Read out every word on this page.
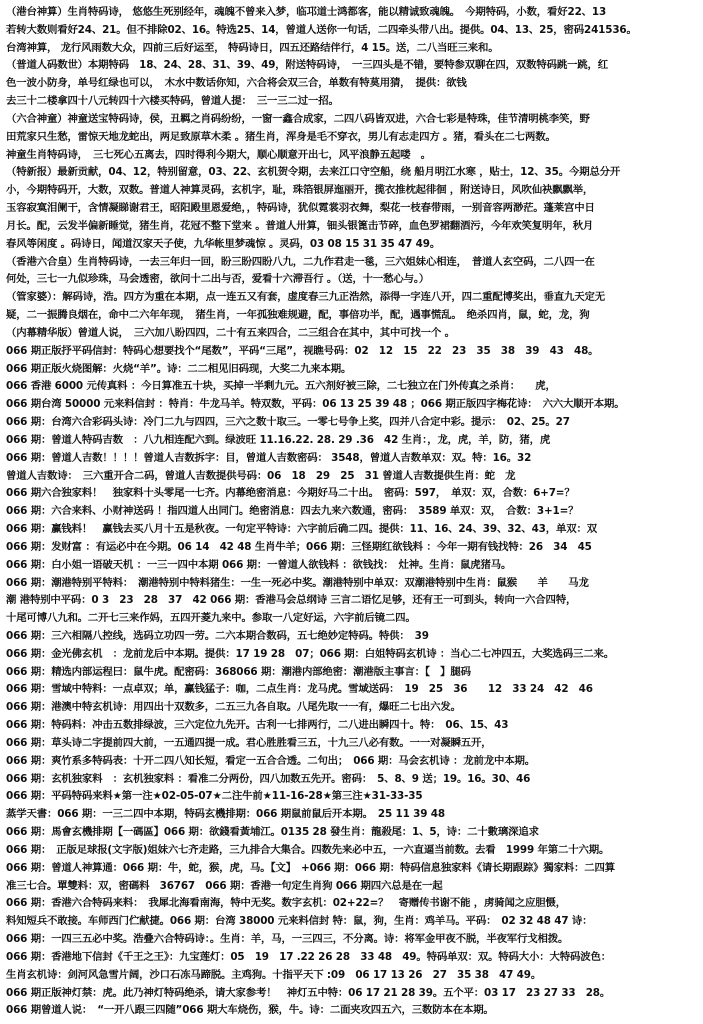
（港台神算）生肖特码诗， 悠悠生死别经年，魂魄不曾来入梦，临邛道士鸿都客，能以精诚致魂魄。　今期特码，小数，看好22、13
若转大数则看好24、21。但不排除02、16。特选25、14，曾道人送你一句话，二四牵头带八出。提供。04、13、25，密码241536。
台湾神算， 龙行风雨数大众，四前三后好运至， 特码诗日，四五还路结伴行，4 15。送，二八当旺三来和。
（普道人码数世）本期特码　18、24、28、31、39、49，附送特码诗，　一三四头是不错，要特参双聊在四，双数特码跳一跳，红
色一波小防身，单号红绿也可以，　木水中数话你知，六合将会双三合，单数有特莫用猜，　提供：欲钱
去三十二楼拿四十八元转四十六楼买特码，曾道人提：　三一三二过一招。
（六合神童）神童送宝特码诗，侯，丑羁之肖码纷纷，一窗一鑫合成家，二四八码皆双进，六合七彩是特珠，佳节清明桃李笑，野
田荒家只生愁，雷惊天地龙蛇出，两足致原草木柔 。猪生肖，浑身是毛不穿衣，男儿有志走四方 。猪，看头在二七两数。
神童生肖特码诗，　三七死心五离去，四时得利今期大，顺心顺意开出七，风平浪静五起喽　。
（特新报）最新贡献，04、12，特别留意，03、22、玄机贺令期，去来江口守空船，绕 船月明江水寒 ，贴士，12、35。今期总分开
小，今期特码开，大数，双数。普道人神算灵码，玄机字，耻，珠箔银屏迤丽开，揽衣推枕起徘徊 ，附送诗日，风吹仙袂飘飘举，
玉容寂寞泪阑干，含情凝睇谢君王，昭阳殿里恩爱绝，，特码诗，犹似霓裳羽衣舞，梨花一枝春带雨，一别音容两渺茫。蓬莱宫中日
月长。配，云发半偏新睡觉，猪生肖，花冠不整下堂来 。普道人卅算，钿头银篦击节碎，血色罗裙翻酒污，今年欢笑复明年，秋月
春风等闲度 。码诗日，闻道汉家天子使，九华帐里梦魂惊 。灵码，03 08 15 31 35 47 49。
（香港六合皇）生肖特码诗，一去三年归一回，盼三盼四盼八九，二九作君走一毯，三六姐妹心相连，　普道人玄空码，二八四一在
何处，三七一九似珍珠，马会透密，欲问十二出与否，爱看十六滞吾行 。（送，十一愁心与。）
（管家婆）：解码诗，浩。四方为重在本期，点一连五又有套，虚度春三九正浩然，添得一字连八开，四二重配博奖出，垂直九天定无
疑，二一振腾良烟在，命中二六年年现，　猪生肖，一年孤独难规避，配，事倍功半，配，遇事慌乱。　绝杀四肖，鼠，蛇，龙，狗
（内幕精华版）曾道人说，　三六加八盼四四，二十有五来四合，二三组合在其中，其中可找一个 。
066 期正版抒平码信封：特码心想要找个“尾数”，平码“三尾”，视瞧号码：02　12　15　22　23　35　38　39　43　48。
066 期正版火烧图解：火烧“羊”。诗：二二相见旧码现，大奖二九来本期。
066 香港 6000 元传真料 ：今日算准五十块，买掉一半剩九元。五六剂好被三除，二七独立在门外传真之杀肖：　　虎，
066 期台湾 50000 元来料信封 ：特肖：牛龙马羊。特双数，平码：06 13 25 39 48 ；066 期正版四字梅花诗：　六六大顺开本期。
066 期：台湾六合彩码头诗：冷门二九与四四，三六之数十取三。一零七号争上奖，四并八合定中彩。提示：　02、25。27
066 期：曾道人特码吉数　：八九相连配六到。绿波旺 11.16.22. 28. 29 .36　42 生肖：，龙，虎，羊，防，猪，虎
066 期：曾道人吉数！！！！曾道人吉数拆字：目，曾道人吉数密码： 3548，曾道人吉数单双：双。特：16。32
曾道人吉数诗：　三六重开合二码，曾道人吉数提供号码：06　18　29　25　31 曾道人吉数提供生肖：蛇　龙
066 期六合独家料！　独家料十头零尾一七齐。内幕绝密消息：今期好马二十出。　密码：597，　单双：双，合数：6+7=？
066 期：六合来料、小财神送码 ！指四道人出同门。绝密消息：四去九来六数通，密码：　3589 单双：双，　合数：3+1=？
066 期：赢钱料！　赢钱去买八月十五是秋夜。一句定平特诗：六字前后确二四。提供：11、16、24、39、32、43，单双：双
066 期：发财富 ：有运必中在今期。06 14　42 48 生肖牛羊；066 期：三怪期红欲钱料 ：今年一期有钱找特：26　34　45
066 期：白小姐一语破天机 ：一三一四中本期 066 期：一曾道人欲钱料 ：欲钱找：　灶神。生肖：鼠虎猪马。
066 期：潮港特别平特料：　潮港特别中特料猪生：一生一死必中奖。潮港特别中单双：双潮港特别中生肖：鼠猴　　羊　　马龙
潮 港特别中平码：0 3　23　28　37　42 066 期：香港马会总纲诗 三言二语忆足够，还有王一可到头，转向一六合四特，
十尾可博八九和。二开七三来作妈，五四开菱九来中。参取一八定好运，六字前后镜二四。
066 期：三六相隔八控线，选码立功四一劳。二六本期合数码，五七绝妙定特码。特供：　39
066 期：金光佛玄机　：龙前龙后中本期。提供：17 19 28　07；066 期：白姐特码玄机诗 ：当心二七冲四五，大奖选码三二来。
066 期：精选内部运程曰：鼠牛虎。配密码：368066 期：潮港内部绝密：潮港版主事言：【　】腿码
066 期：雪域中特料：一点卓双；单，赢钱猛子：咖，二点生肖：龙马虎。雪域送码：　19　25　36　　12　33 24　42　46
066 期：港澳中特玄机诗：用四出十双数多，二五三九各自取。八尾先取一一有，爆旺二七出六发。
066 期：特码料：冲击五数排绿波，三六定位九先开。古利一七排两行，二八进出瞬四十。特：　06、15、43
066 期：草头诗二字提前四大前，一五通四提一成。君心胜胜看三五，十九三八必有数。一一对凝瞬五开，
066 期：爽竹系多特码表：十开二四八知长短，看定一五合合透。二句出；　066 期：马会玄机诗 ：龙前龙中本期。
066 期：玄机独家料　：玄机独家料 ：看准二分两份，四八加数五先开。密码：　5、8、9 送；19。16。30、46
066 期：平码特码来料★第一注★02-05-07★二注牛前★11-16-28★第三注★31-33-35
蒸学天書：066 期：一三二四中本期，特码玄機排期：066 期鼠前鼠后开本期。　25 11 39 48
066 期：馬會玄機排期【一碼區】066 期：欲錢看黃埔江。0135 28 發生肖：龍殺尾：1、5，诗：二十數璃深追求
066 期：　正版足球报(文字版)姐妹六七齐走路，三九排合大集合。四数先来必中五，一六直逼当前数。去看　1999 年第二十六期。
066 期：曾道人神算通：066 期：牛，蛇，猴，虎，马。【文】　+066 期：066 期：特码信息独家料《请长期跟踪》獨家料：二四算
准三七合。單雙料：双，密碼料　36767　066 期：香港一句定生肖狗 066 期四六总是在一起
066 期：香港六合特码来料：　我犀北海看南海，特中无奖。数字玄机：02+22=？　寄赠传书谢不能 ，虏骑闻之应胆慑，
料知短兵不敢接。车师西门伫献捷。066 期：台湾 38000 元来料信封 特：鼠，狗，生肖：鸡羊马。平码：　02 32 48 47 诗：
066 期：一四三五必中奖。浩叠六合特码诗：。生肖：羊，马，一三四三，不分离。诗：将军金甲夜不脱，半夜军行戈相拨。
066 期：香港地下信封《千王之王》：九宝莲灯：05　19　17 .22 26 28　33 48　49。特码单双：双。特码大小：大特码波色：
生肖玄机诗：剑河风急雪片阔，沙口石冻马蹄脱。主鸡狗。十指平天下 :09　06 17 13 26　27　35 38　47 49。
066 期正版神灯禁：虎。此乃神灯特码绝杀，请大家参考！　神灯五中特：06 17 21 28 39。五个平：03 17　23 27 33　28。
066 期曾道人说：　“一开八跟三四随”066 期大车烧伤，猴，牛。诗：二面夹攻四五六，三数防本在本期。
